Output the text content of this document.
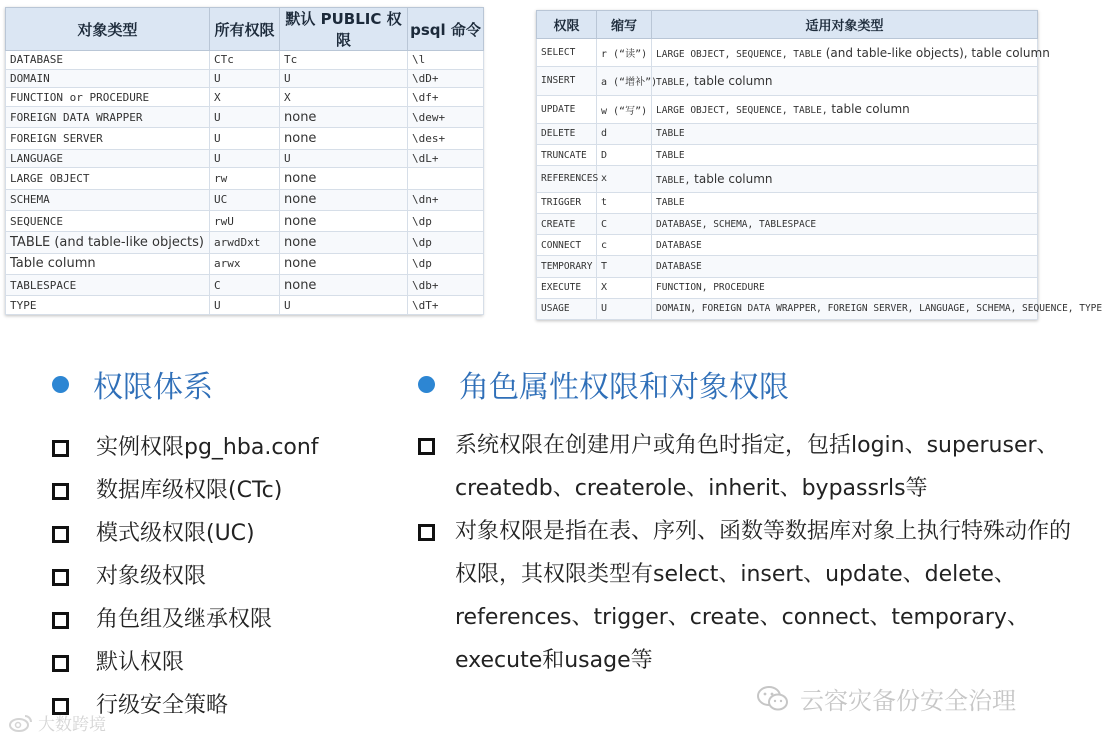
对象类型	所有权限	默认 PUBLIC 权限	psql 命令
DATABASE	CTc	Tc	\l
DOMAIN	U	U	\dD+
FUNCTION or PROCEDURE	X	X	\df+
FOREIGN DATA WRAPPER	U	none	\dew+
FOREIGN SERVER	U	none	\des+
LANGUAGE	U	U	\dL+
LARGE OBJECT	rw	none	
SCHEMA	UC	none	\dn+
SEQUENCE	rwU	none	\dp
TABLE (and table-like objects)	arwdDxt	none	\dp
Table column	arwx	none	\dp
TABLESPACE	C	none	\db+
TYPE	U	U	\dT+
权限	缩写	适用对象类型
SELECT	r (“读”)	LARGE OBJECT, SEQUENCE, TABLE (and table-like objects), table column
INSERT	a (“增补”)	TABLE, table column
UPDATE	w (“写”)	LARGE OBJECT, SEQUENCE, TABLE, table column
DELETE	d	TABLE
TRUNCATE	D	TABLE
REFERENCES	x	TABLE, table column
TRIGGER	t	TABLE
CREATE	C	DATABASE, SCHEMA, TABLESPACE
CONNECT	c	DATABASE
TEMPORARY	T	DATABASE
EXECUTE	X	FUNCTION, PROCEDURE
USAGE	U	DOMAIN, FOREIGN DATA WRAPPER, FOREIGN SERVER, LANGUAGE, SCHEMA, SEQUENCE, TYPE
权限体系
实例权限pg_hba.conf
数据库级权限(CTc)
模式级权限(UC)
对象级权限
角色组及继承权限
默认权限
行级安全策略
角色属性权限和对象权限
系统权限在创建用户或角色时指定，包括login、superuser、createdb、createrole、inherit、bypassrls等
对象权限是指在表、序列、函数等数据库对象上执行特殊动作的权限，其权限类型有select、insert、update、delete、references、trigger、create、connect、temporary、execute和usage等
大数跨境
云容灾备份安全治理
